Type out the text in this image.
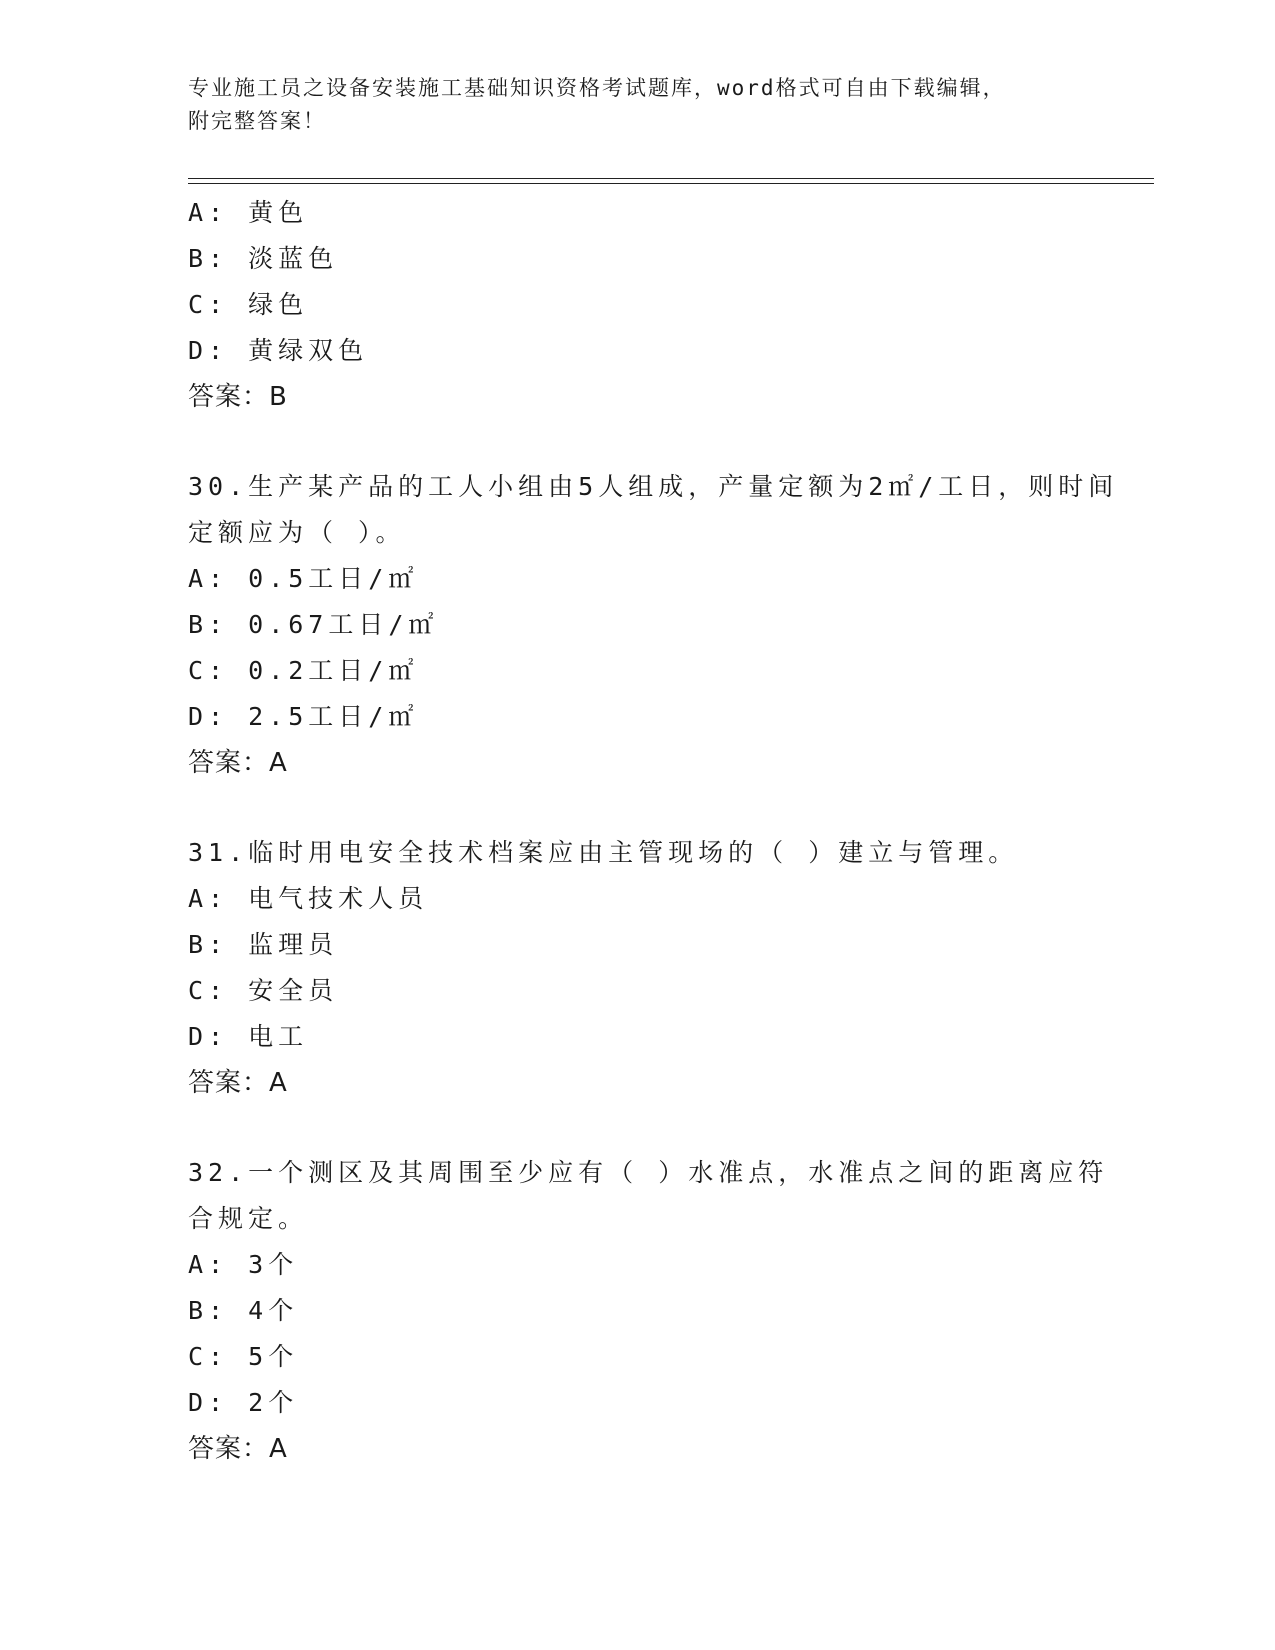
专业施工员之设备安装施工基础知识资格考试题库，word格式可自由下载编辑，
附完整答案！
A: 黄色
B: 淡蓝色
C: 绿色
D: 黄绿双色
答案：B
30.生产某产品的工人小组由5人组成，产量定额为2㎡/工日，则时间
定额应为（ ）。
A: 0.5工日/㎡
B: 0.67工日/㎡
C: 0.2工日/㎡
D: 2.5工日/㎡
答案：A
31.临时用电安全技术档案应由主管现场的（ ）建立与管理。
A: 电气技术人员
B: 监理员
C: 安全员
D: 电工
答案：A
32.一个测区及其周围至少应有（ ）水准点，水准点之间的距离应符
合规定。
A: 3个
B: 4个
C: 5个
D: 2个
答案：A
